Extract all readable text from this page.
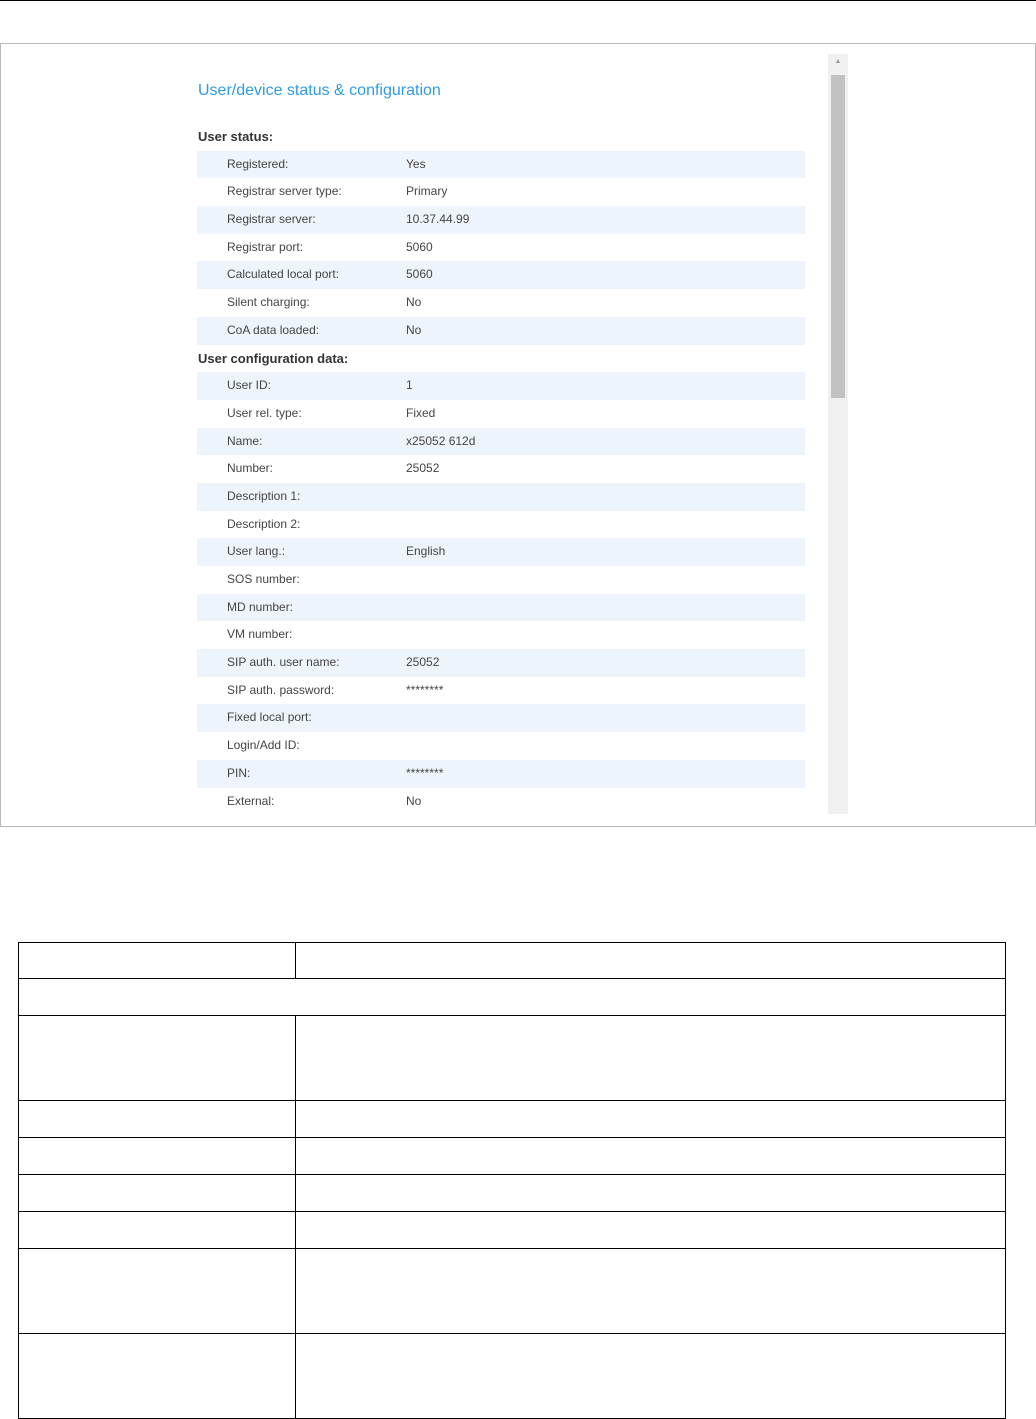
User/device status & configuration
User status:
Registered:	Yes
Registrar server type:	Primary
Registrar server:	10.37.44.99
Registrar port:	5060
Calculated local port:	5060
Silent charging:	No
CoA data loaded:	No
User configuration data:
User ID:	1
User rel. type:	Fixed
Name:	x25052 612d
Number:	25052
Description 1:
Description 2:
User lang.:	English
SOS number:
MD number:
VM number:
SIP auth. user name:	25052
SIP auth. password:	********
Fixed local port:
Login/Add ID:
PIN:	********
External:	No
▲
